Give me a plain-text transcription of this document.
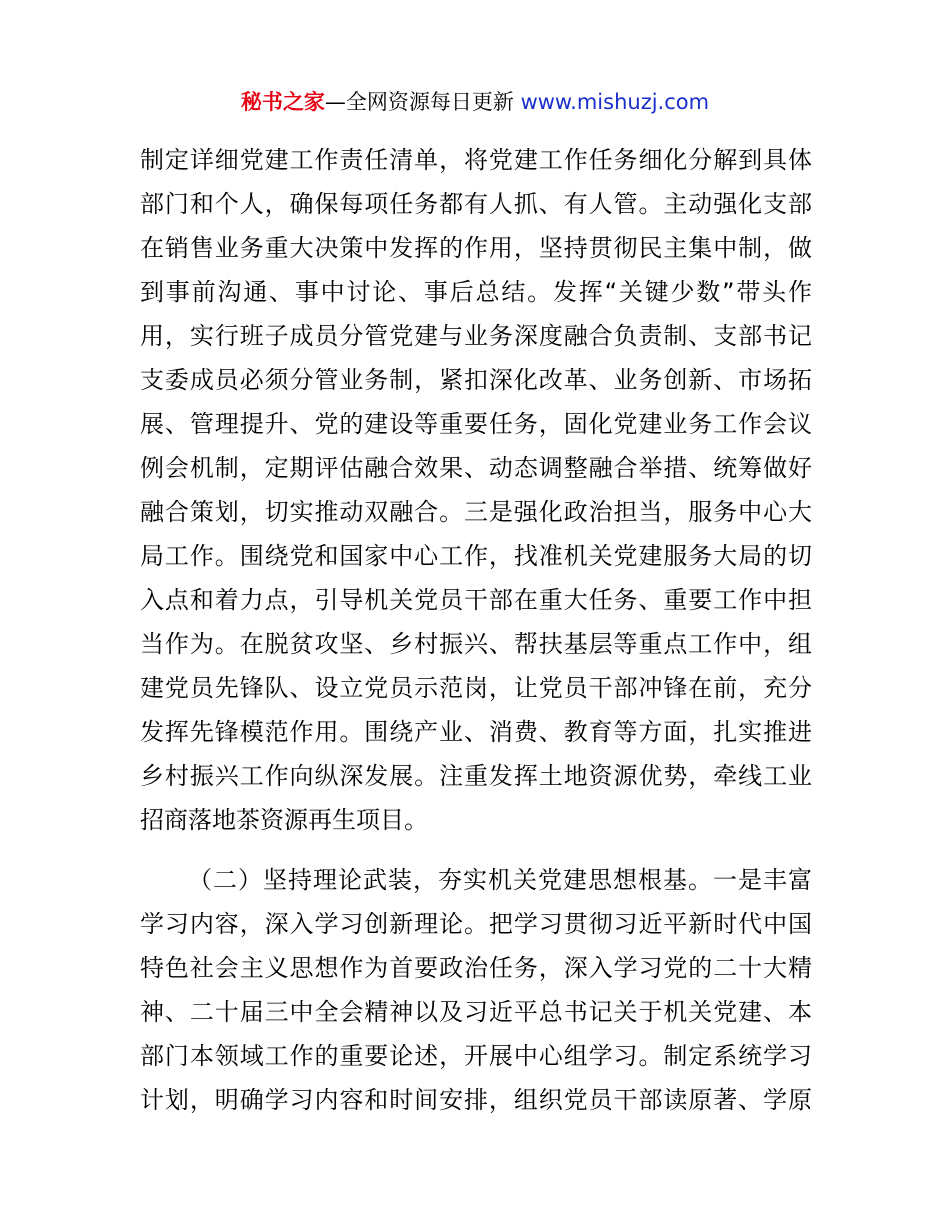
秘书之家—全网资源每日更新 www.mishuzj.com
制定详细党建工作责任清单，将党建工作任务细化分解到具体
部门和个人，确保每项任务都有人抓、有人管。主动强化支部
在销售业务重大决策中发挥的作用，坚持贯彻民主集中制，做
到事前沟通、事中讨论、事后总结。发挥“关键少数”带头作
用，实行班子成员分管党建与业务深度融合负责制、支部书记
支委成员必须分管业务制，紧扣深化改革、业务创新、市场拓
展、管理提升、党的建设等重要任务，固化党建业务工作会议
例会机制，定期评估融合效果、动态调整融合举措、统筹做好
融合策划，切实推动双融合。三是强化政治担当，服务中心大
局工作。围绕党和国家中心工作，找准机关党建服务大局的切
入点和着力点，引导机关党员干部在重大任务、重要工作中担
当作为。在脱贫攻坚、乡村振兴、帮扶基层等重点工作中，组
建党员先锋队、设立党员示范岗，让党员干部冲锋在前，充分
发挥先锋模范作用。围绕产业、消费、教育等方面，扎实推进
乡村振兴工作向纵深发展。注重发挥土地资源优势，牵线工业
招商落地茶资源再生项目。
（二）坚持理论武装，夯实机关党建思想根基。一是丰富
学习内容，深入学习创新理论。把学习贯彻习近平新时代中国
特色社会主义思想作为首要政治任务，深入学习党的二十大精
神、二十届三中全会精神以及习近平总书记关于机关党建、本
部门本领域工作的重要论述，开展中心组学习。制定系统学习
计划，明确学习内容和时间安排，组织党员干部读原著、学原
